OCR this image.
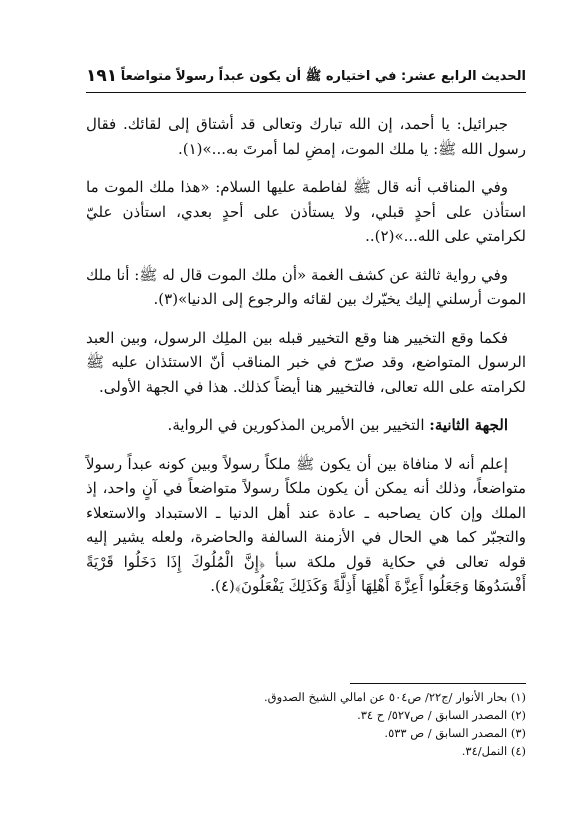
الحديث الرابع عشر: في اختياره ﷺ أن يكون عبداً رسولاً متواضعاً
١٩١

جبرائيل: يا أحمد، إن الله تبارك وتعالى قد أشتاق إلى لقائك. فقال رسول الله ﷺ: يا ملك الموت، إمضِ لما أمرتَ به...»(١).

وفي المناقب أنه قال ﷺ لفاطمة عليها السلام: «هذا ملك الموت ما استأذن على أحدٍ قبلي، ولا يستأذن على أحدٍ بعدي، استأذن عليّ لكرامتي على الله...»(٢)..

وفي رواية ثالثة عن كشف الغمة «أن ملك الموت قال له ﷺ: أنا ملك الموت أرسلني إليك يخيّرك بين لقائه والرجوع إلى الدنيا»(٣).

فكما وقع التخيير هنا وقع التخيير قبله بين الملِك الرسول، وبين العبد الرسول المتواضع، وقد صرّح في خبر المناقب أنّ الاستئذان عليه ﷺ لكرامته على الله تعالى، فالتخيير هنا أيضاً كذلك. هذا في الجهة الأولى.

الجهة الثانية: التخيير بين الأمرين المذكورين في الرواية.

إعلم أنه لا منافاة بين أن يكون ﷺ ملكاً رسولاً وبين كونه عبداً رسولاً متواضعاً، وذلك أنه يمكن أن يكون ملكاً رسولاً متواضعاً في آنٍ واحد، إذ الملك وإن كان يصاحبه ـ عادة عند أهل الدنيا ـ الاستبداد والاستعلاء والتجبّر كما هي الحال في الأزمنة السالفة والحاضرة، ولعله يشير إليه قوله تعالى في حكاية قول ملكة سبأ ﴿إِنَّ الْمُلُوكَ إِذَا دَخَلُوا قَرْيَةً أَفْسَدُوهَا وَجَعَلُوا أَعِزَّةَ أَهْلِهَا أَذِلَّةً وَكَذَلِكَ يَفْعَلُونَ﴾(٤).

(١) بحار الأنوار /ج٢٢/ ص٥٠٤ عن امالي الشيخ الصدوق.
(٢) المصدر السابق / ص٥٢٧/ ح ٣٤.
(٣) المصدر السابق / ص ٥٣٣.
(٤) النمل/٣٤.
